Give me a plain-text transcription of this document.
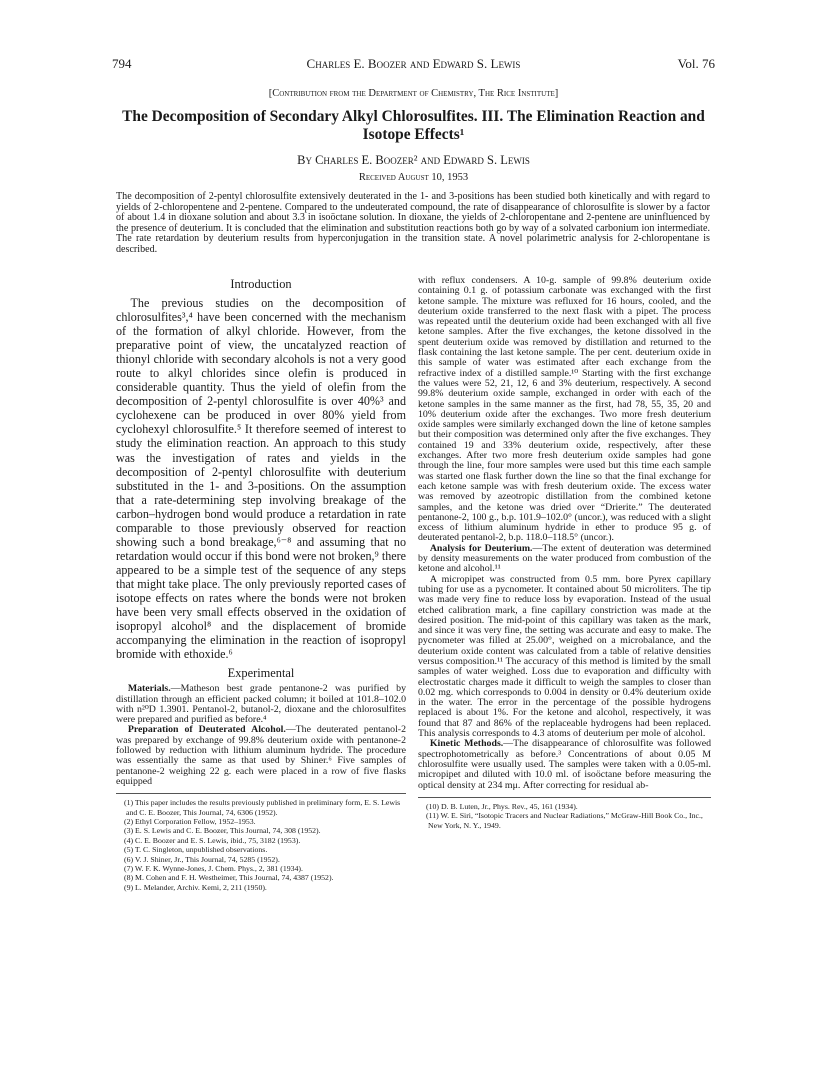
794	Charles E. Boozer and Edward S. Lewis	Vol. 76
[Contribution from the Department of Chemistry, The Rice Institute]
The Decomposition of Secondary Alkyl Chlorosulfites. III. The Elimination Reaction and Isotope Effects¹
By Charles E. Boozer² and Edward S. Lewis
Received August 10, 1953

The decomposition of 2-pentyl chlorosulfite extensively deuterated in the 1- and 3-positions has been studied both kinetically and with regard to yields of 2-chloropentene and 2-pentene. Compared to the undeuterated compound, the rate of disappearance of chlorosulfite is slower by a factor of about 1.4 in dioxane solution and about 3.3 in isoöctane solution. In dioxane, the yields of 2-chloropentane and 2-pentene are uninfluenced by the presence of deuterium. It is concluded that the elimination and substitution reactions both go by way of a solvated carbonium ion intermediate. The rate retardation by deuterium results from hyperconjugation in the transition state. A novel polarimetric analysis for 2-chloropentane is described.

Introduction

The previous studies on the decomposition of chlorosulfites³,⁴ have been concerned with the mechanism of the formation of alkyl chloride. However, from the preparative point of view, the uncatalyzed reaction of thionyl chloride with secondary alcohols is not a very good route to alkyl chlorides since olefin is produced in considerable quantity. Thus the yield of olefin from the decomposition of 2-pentyl chlorosulfite is over 40%³ and cyclohexene can be produced in over 80% yield from cyclohexyl chlorosulfite.⁵ It therefore seemed of interest to study the elimination reaction. An approach to this study was the investigation of rates and yields in the decomposition of 2-pentyl chlorosulfite with deuterium substituted in the 1- and 3-positions. On the assumption that a rate-determining step involving breakage of the carbon–hydrogen bond would produce a retardation in rate comparable to those previously observed for reaction showing such a bond breakage,⁶⁻⁸ and assuming that no retardation would occur if this bond were not broken,⁹ there appeared to be a simple test of the sequence of any steps that might take place. The only previously reported cases of isotope effects on rates where the bonds were not broken have been very small effects observed in the oxidation of isopropyl alcohol⁸ and the displacement of bromide accompanying the elimination in the reaction of isopropyl bromide with ethoxide.⁶

Experimental

Materials.—Matheson best grade pentanone-2 was purified by distillation through an efficient packed column; it boiled at 101.8–102.0 with n²⁰D 1.3901. Pentanol-2, butanol-2, dioxane and the chlorosulfites were prepared and purified as before.⁴

Preparation of Deuterated Alcohol.—The deuterated pentanol-2 was prepared by exchange of 99.8% deuterium oxide with pentanone-2 followed by reduction with lithium aluminum hydride. The procedure was essentially the same as that used by Shiner.⁶ Five samples of pentanone-2 weighing 22 g. each were placed in a row of five flasks equipped

(1) This paper includes the results previously published in preliminary form, E. S. Lewis and C. E. Boozer, This Journal, 74, 6306 (1952).
(2) Ethyl Corporation Fellow, 1952–1953.
(3) E. S. Lewis and C. E. Boozer, This Journal, 74, 308 (1952).
(4) C. E. Boozer and E. S. Lewis, ibid., 75, 3182 (1953).
(5) T. C. Singleton, unpublished observations.
(6) V. J. Shiner, Jr., This Journal, 74, 5285 (1952).
(7) W. F. K. Wynne-Jones, J. Chem. Phys., 2, 381 (1934).
(8) M. Cohen and F. H. Westheimer, This Journal, 74, 4387 (1952).
(9) L. Melander, Archiv. Kemi, 2, 211 (1950).

with reflux condensers. A 10-g. sample of 99.8% deuterium oxide containing 0.1 g. of potassium carbonate was exchanged with the first ketone sample. The mixture was refluxed for 16 hours, cooled, and the deuterium oxide transferred to the next flask with a pipet. The process was repeated until the deuterium oxide had been exchanged with all five ketone samples. After the five exchanges, the ketone dissolved in the spent deuterium oxide was removed by distillation and returned to the flask containing the last ketone sample. The per cent. deuterium oxide in this sample of water was estimated after each exchange from the refractive index of a distilled sample.¹⁰ Starting with the first exchange the values were 52, 21, 12, 6 and 3% deuterium, respectively. A second 99.8% deuterium oxide sample, exchanged in order with each of the ketone samples in the same manner as the first, had 78, 55, 35, 20 and 10% deuterium oxide after the exchanges. Two more fresh deuterium oxide samples were similarly exchanged down the line of ketone samples but their composition was determined only after the five exchanges. They contained 19 and 33% deuterium oxide, respectively, after these exchanges. After two more fresh deuterium oxide samples had gone through the line, four more samples were used but this time each sample was started one flask further down the line so that the final exchange for each ketone sample was with fresh deuterium oxide. The excess water was removed by azeotropic distillation from the combined ketone samples, and the ketone was dried over “Drierite.” The deuterated pentanone-2, 100 g., b.p. 101.9–102.0° (uncor.), was reduced with a slight excess of lithium aluminum hydride in ether to produce 95 g. of deuterated pentanol-2, b.p. 118.0–118.5° (uncor.).

Analysis for Deuterium.—The extent of deuteration was determined by density measurements on the water produced from combustion of the ketone and alcohol.¹¹

A micropipet was constructed from 0.5 mm. bore Pyrex capillary tubing for use as a pycnometer. It contained about 50 microliters. The tip was made very fine to reduce loss by evaporation. Instead of the usual etched calibration mark, a fine capillary constriction was made at the desired position. The mid-point of this capillary was taken as the mark, and since it was very fine, the setting was accurate and easy to make. The pycnometer was filled at 25.00°, weighed on a microbalance, and the deuterium oxide content was calculated from a table of relative densities versus composition.¹¹ The accuracy of this method is limited by the small samples of water weighed. Loss due to evaporation and difficulty with electrostatic charges made it difficult to weigh the samples to closer than 0.02 mg. which corresponds to 0.004 in density or 0.4% deuterium oxide in the water. The error in the percentage of the possible hydrogens replaced is about 1%. For the ketone and alcohol, respectively, it was found that 87 and 86% of the replaceable hydrogens had been replaced. This analysis corresponds to 4.3 atoms of deuterium per mole of alcohol.

Kinetic Methods.—The disappearance of chlorosulfite was followed spectrophotometrically as before.³ Concentrations of about 0.05 M chlorosulfite were usually used. The samples were taken with a 0.05-ml. micropipet and diluted with 10.0 ml. of isoöctane before measuring the optical density at 234 mμ. After correcting for residual ab-

(10) D. B. Luten, Jr., Phys. Rev., 45, 161 (1934).
(11) W. E. Siri, “Isotopic Tracers and Nuclear Radiations,” McGraw-Hill Book Co., Inc., New York, N. Y., 1949.
